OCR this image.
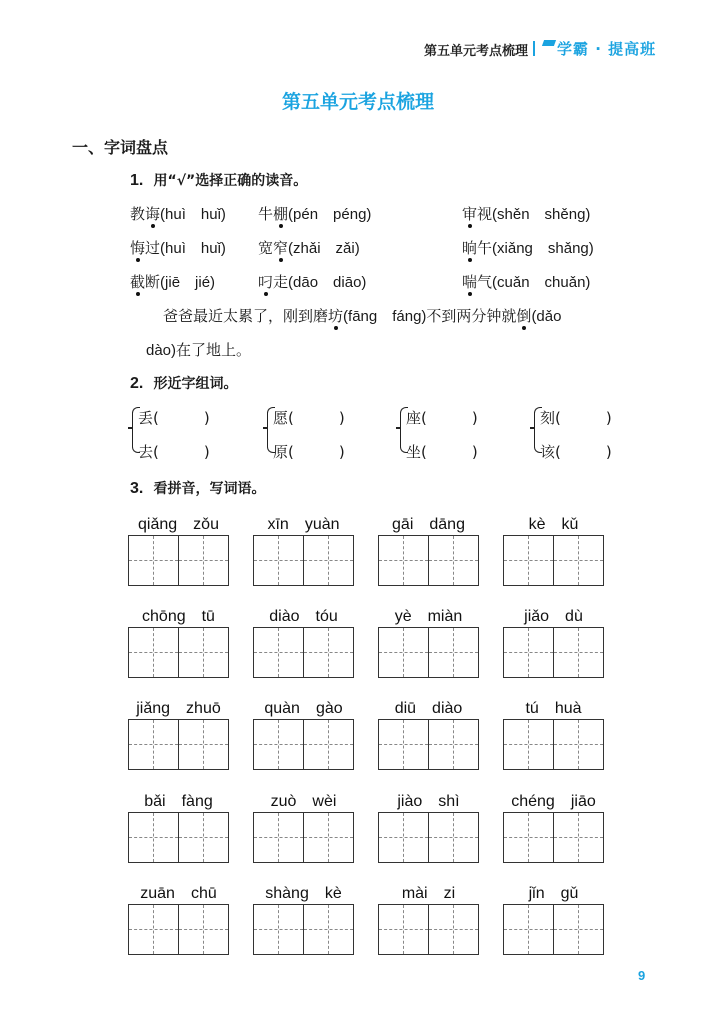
第五单元考点梳理	学霸 · 提高班
第五单元考点梳理
一、字词盘点
1. 用“√”选择正确的读音。
教诲(huì　huǐ) 牛棚(pén　péng)	审视(shěn　shěng)
悔过(huì　huǐ) 宽窄(zhǎi　zǎi)	晌午(xiǎng　shǎng)
截断(jiē　jié)	叼走(dāo　diāo)	喘气(cuǎn　chuǎn)
爸爸最近太累了，刚到磨坊(fāng　fáng)不到两分钟就倒(dǎo
dào)在了地上。
2. 形近字组词。
丢(　　　)
去(　　　)
愿(　　　)
原(　　　)
座(　　　)
坐(　　　)
刻(　　　)
该(　　　)
3. 看拼音，写词语。
qiǎng　zǒu	xīn　yuàn	gāi　dāng	kè　kǔ
chōng　tū	diào　tóu	yè　miàn	jiǎo　dù
jiǎng　zhuō	quàn　gào	diū　diào	tú　huà
bǎi　fàng	zuò　wèi	jiào　shì	chéng　jiāo
zuān　chū	shàng　kè	mài　zi	jǐn　gǔ
9
